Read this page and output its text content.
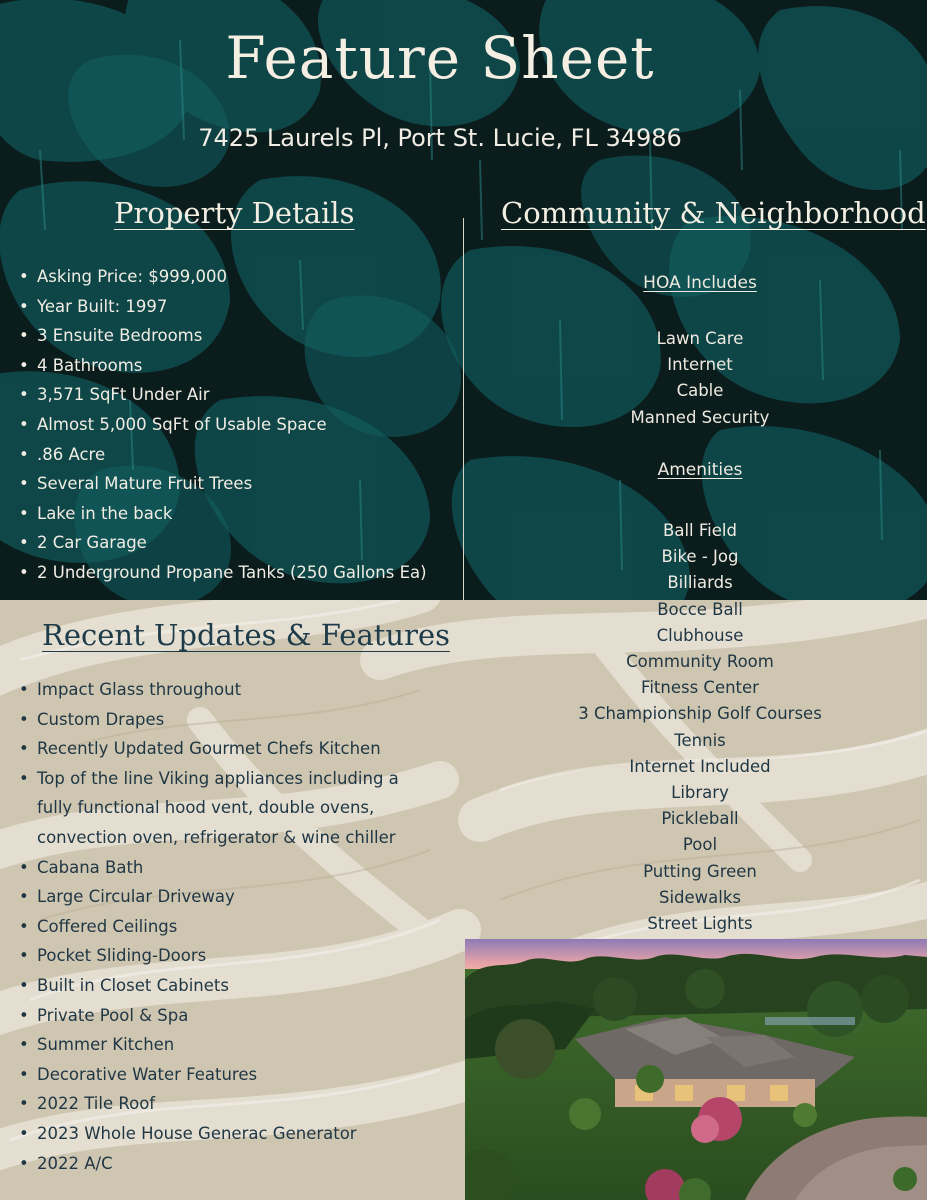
Feature Sheet
7425 Laurels Pl, Port St. Lucie, FL 34986
Property Details
• Asking Price: $999,000
• Year Built: 1997
• 3 Ensuite Bedrooms
• 4 Bathrooms
• 3,571 SqFt Under Air
• Almost 5,000 SqFt of Usable Space
• .86 Acre
• Several Mature Fruit Trees
• Lake in the back
• 2 Car Garage
• 2 Underground Propane Tanks (250 Gallons Ea)
Community & Neighborhood
HOA Includes
Lawn Care
Internet
Cable
Manned Security
Amenities
Ball Field
Bike - Jog
Billiards
Bocce Ball
Clubhouse
Community Room
Fitness Center
3 Championship Golf Courses
Tennis
Internet Included
Library
Pickleball
Pool
Putting Green
Sidewalks
Street Lights
Recent Updates & Features
• Impact Glass throughout
• Custom Drapes
• Recently Updated Gourmet Chefs Kitchen
• Top of the line Viking appliances including a fully functional hood vent, double ovens, convection oven, refrigerator & wine chiller
• Cabana Bath
• Large Circular Driveway
• Coffered Ceilings
• Pocket Sliding-Doors
• Built in Closet Cabinets
• Private Pool & Spa
• Summer Kitchen
• Decorative Water Features
• 2022 Tile Roof
• 2023 Whole House Generac Generator
• 2022 A/C
